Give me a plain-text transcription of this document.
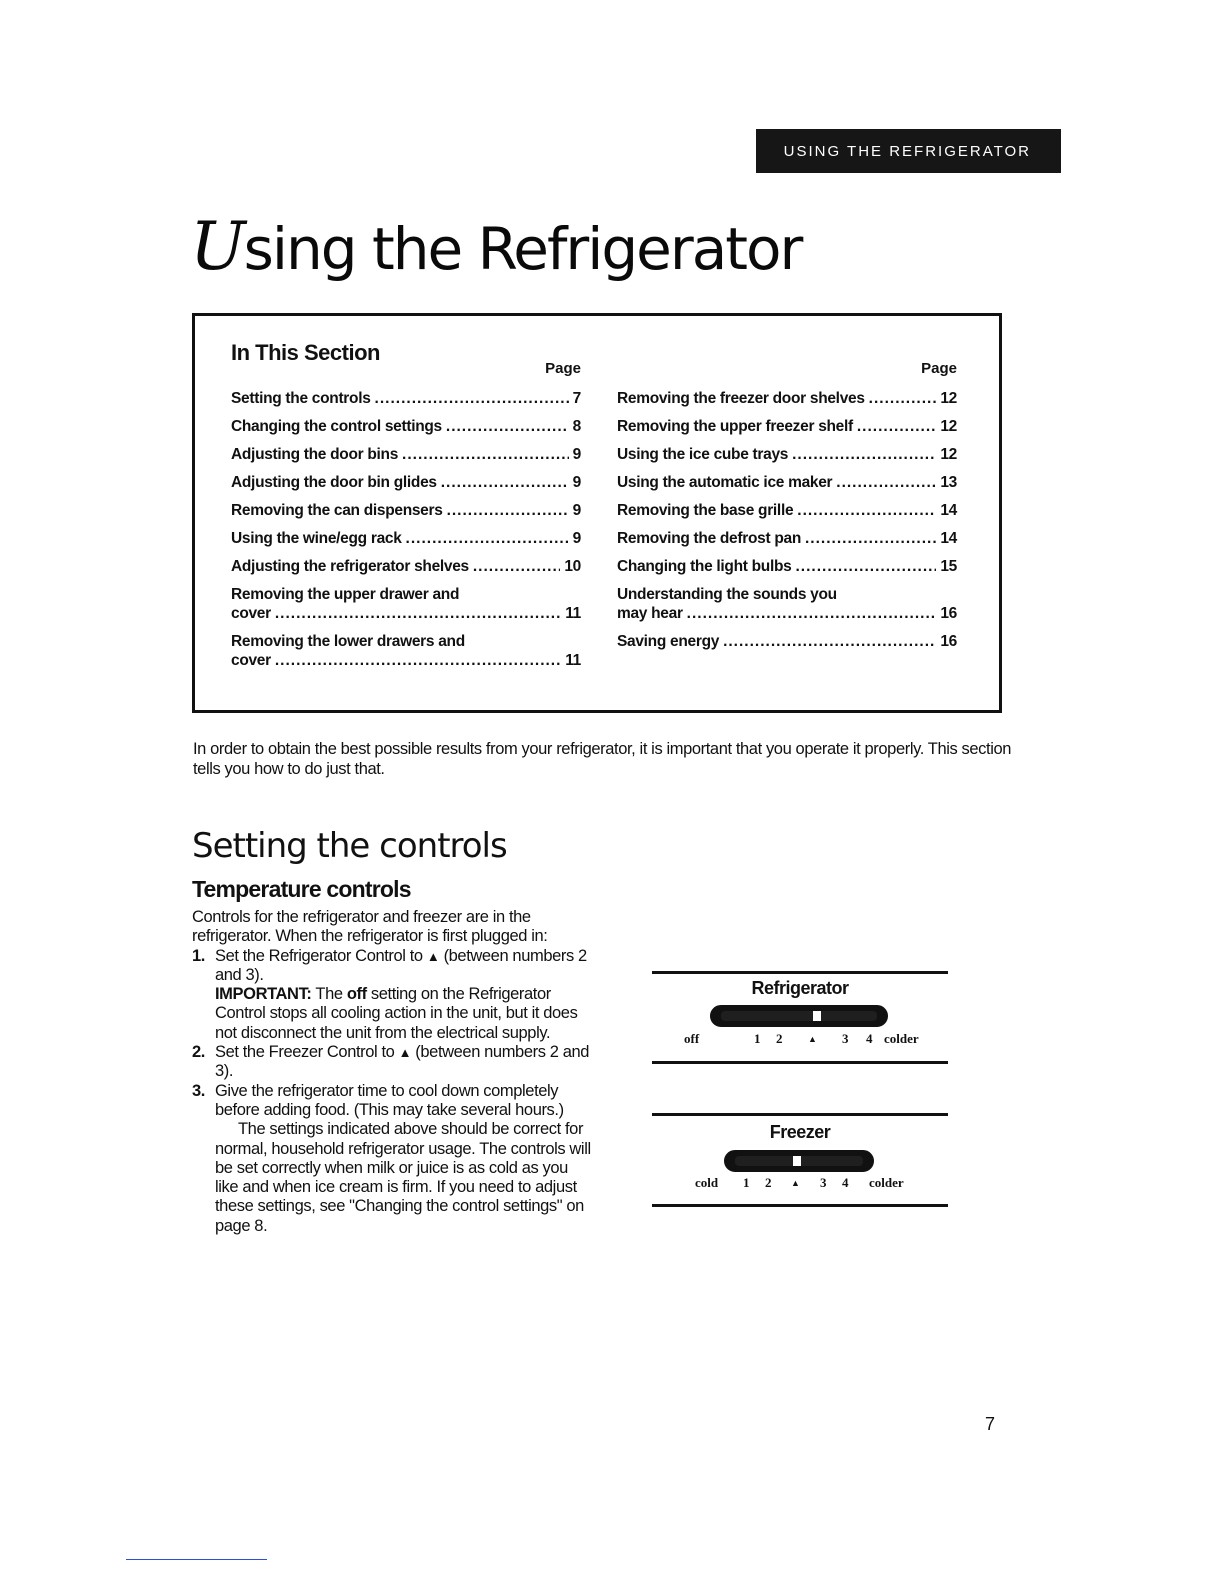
USING THE REFRIGERATOR
Using the Refrigerator
In This Section
Page
Setting the controls .....	7
Changing the control settings .....	8
Adjusting the door bins .....	9
Adjusting the door bin glides .....	9
Removing the can dispensers .....	9
Using the wine/egg rack .....	9
Adjusting the refrigerator shelves .....	10
Removing the upper drawer and
cover .....	11
Removing the lower drawers and
cover .....	11
Page
Removing the freezer door shelves .....	12
Removing the upper freezer shelf .....	12
Using the ice cube trays .....	12
Using the automatic ice maker .....	13
Removing the base grille .....	14
Removing the defrost pan .....	14
Changing the light bulbs .....	15
Understanding the sounds you
may hear .....	16
Saving energy .....	16

In order to obtain the best possible results from your refrigerator, it is important that you operate it properly. This section tells you how to do just that.

Setting the controls
Temperature controls

Controls for the refrigerator and freezer are in the refrigerator. When the refrigerator is first plugged in:

1. Set the Refrigerator Control to ▲ (between numbers 2 and 3).

IMPORTANT: The off setting on the Refrigerator Control stops all cooling action in the unit, but it does not disconnect the unit from the electrical supply.

2. Set the Freezer Control to ▲ (between numbers 2 and 3).

3. Give the refrigerator time to cool down completely before adding food. (This may take several hours.)

The settings indicated above should be correct for normal, household refrigerator usage. The controls will be set correctly when milk or juice is as cold as you like and when ice cream is firm. If you need to adjust these settings, see "Changing the control settings" on page 8.

Refrigerator
off	1 2	▲ 3 4 colder
Freezer
cold 1 2 ▲ 3 4 colder
7
